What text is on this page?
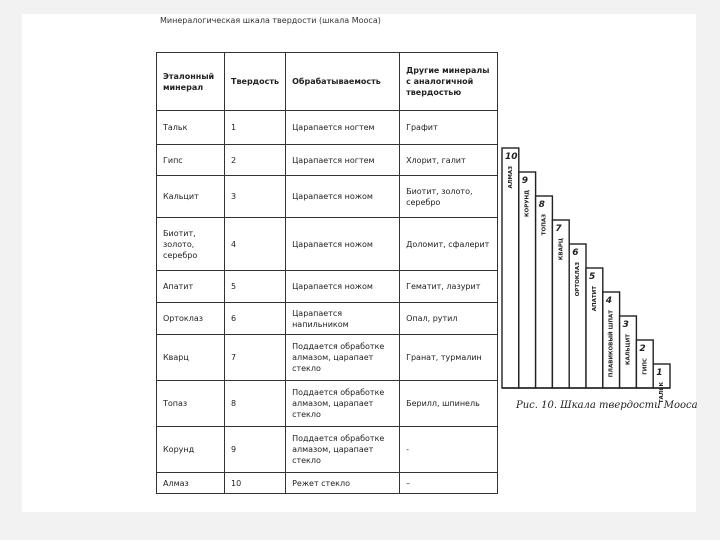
Минералогическая шкала твердости (шкала Мооса)
Эталонный минерал	Твердость	Обрабатываемость	Другие минералы с аналогичной твердостью
Тальк	1	Царапается ногтем	Графит
Гипс	2	Царапается ногтем	Хлорит, галит
Кальцит	3	Царапается ножом	Биотит, золото, серебро
Биотит, золото, серебро	4	Царапается ножом	Доломит, сфалерит
Апатит	5	Царапается ножом	Гематит, лазурит
Ортоклаз	6	Царапается напильником	Опал, рутил
Кварц	7	Поддается обработке алмазом, царапает стекло	Гранат, турмалин
Топаз	8	Поддается обработке алмазом, царапает стекло	Берилл, шпинель
Корунд	9	Поддается обработке алмазом, царапает стекло	-
Алмаз	10	Режет стекло	–
10
АЛМАЗ 9
КОРУНД 8
ТОПАЗ 7
КВАРЦ 6
ОРТОКЛАЗ 5
АПАТИТ 4
ПЛАВИКОВЫЙ ШПАТ 3
КАЛЬЦИТ 2
ГИПС 1
ТАЛЬК
Рис. 10. Шкала твердости Мооса
